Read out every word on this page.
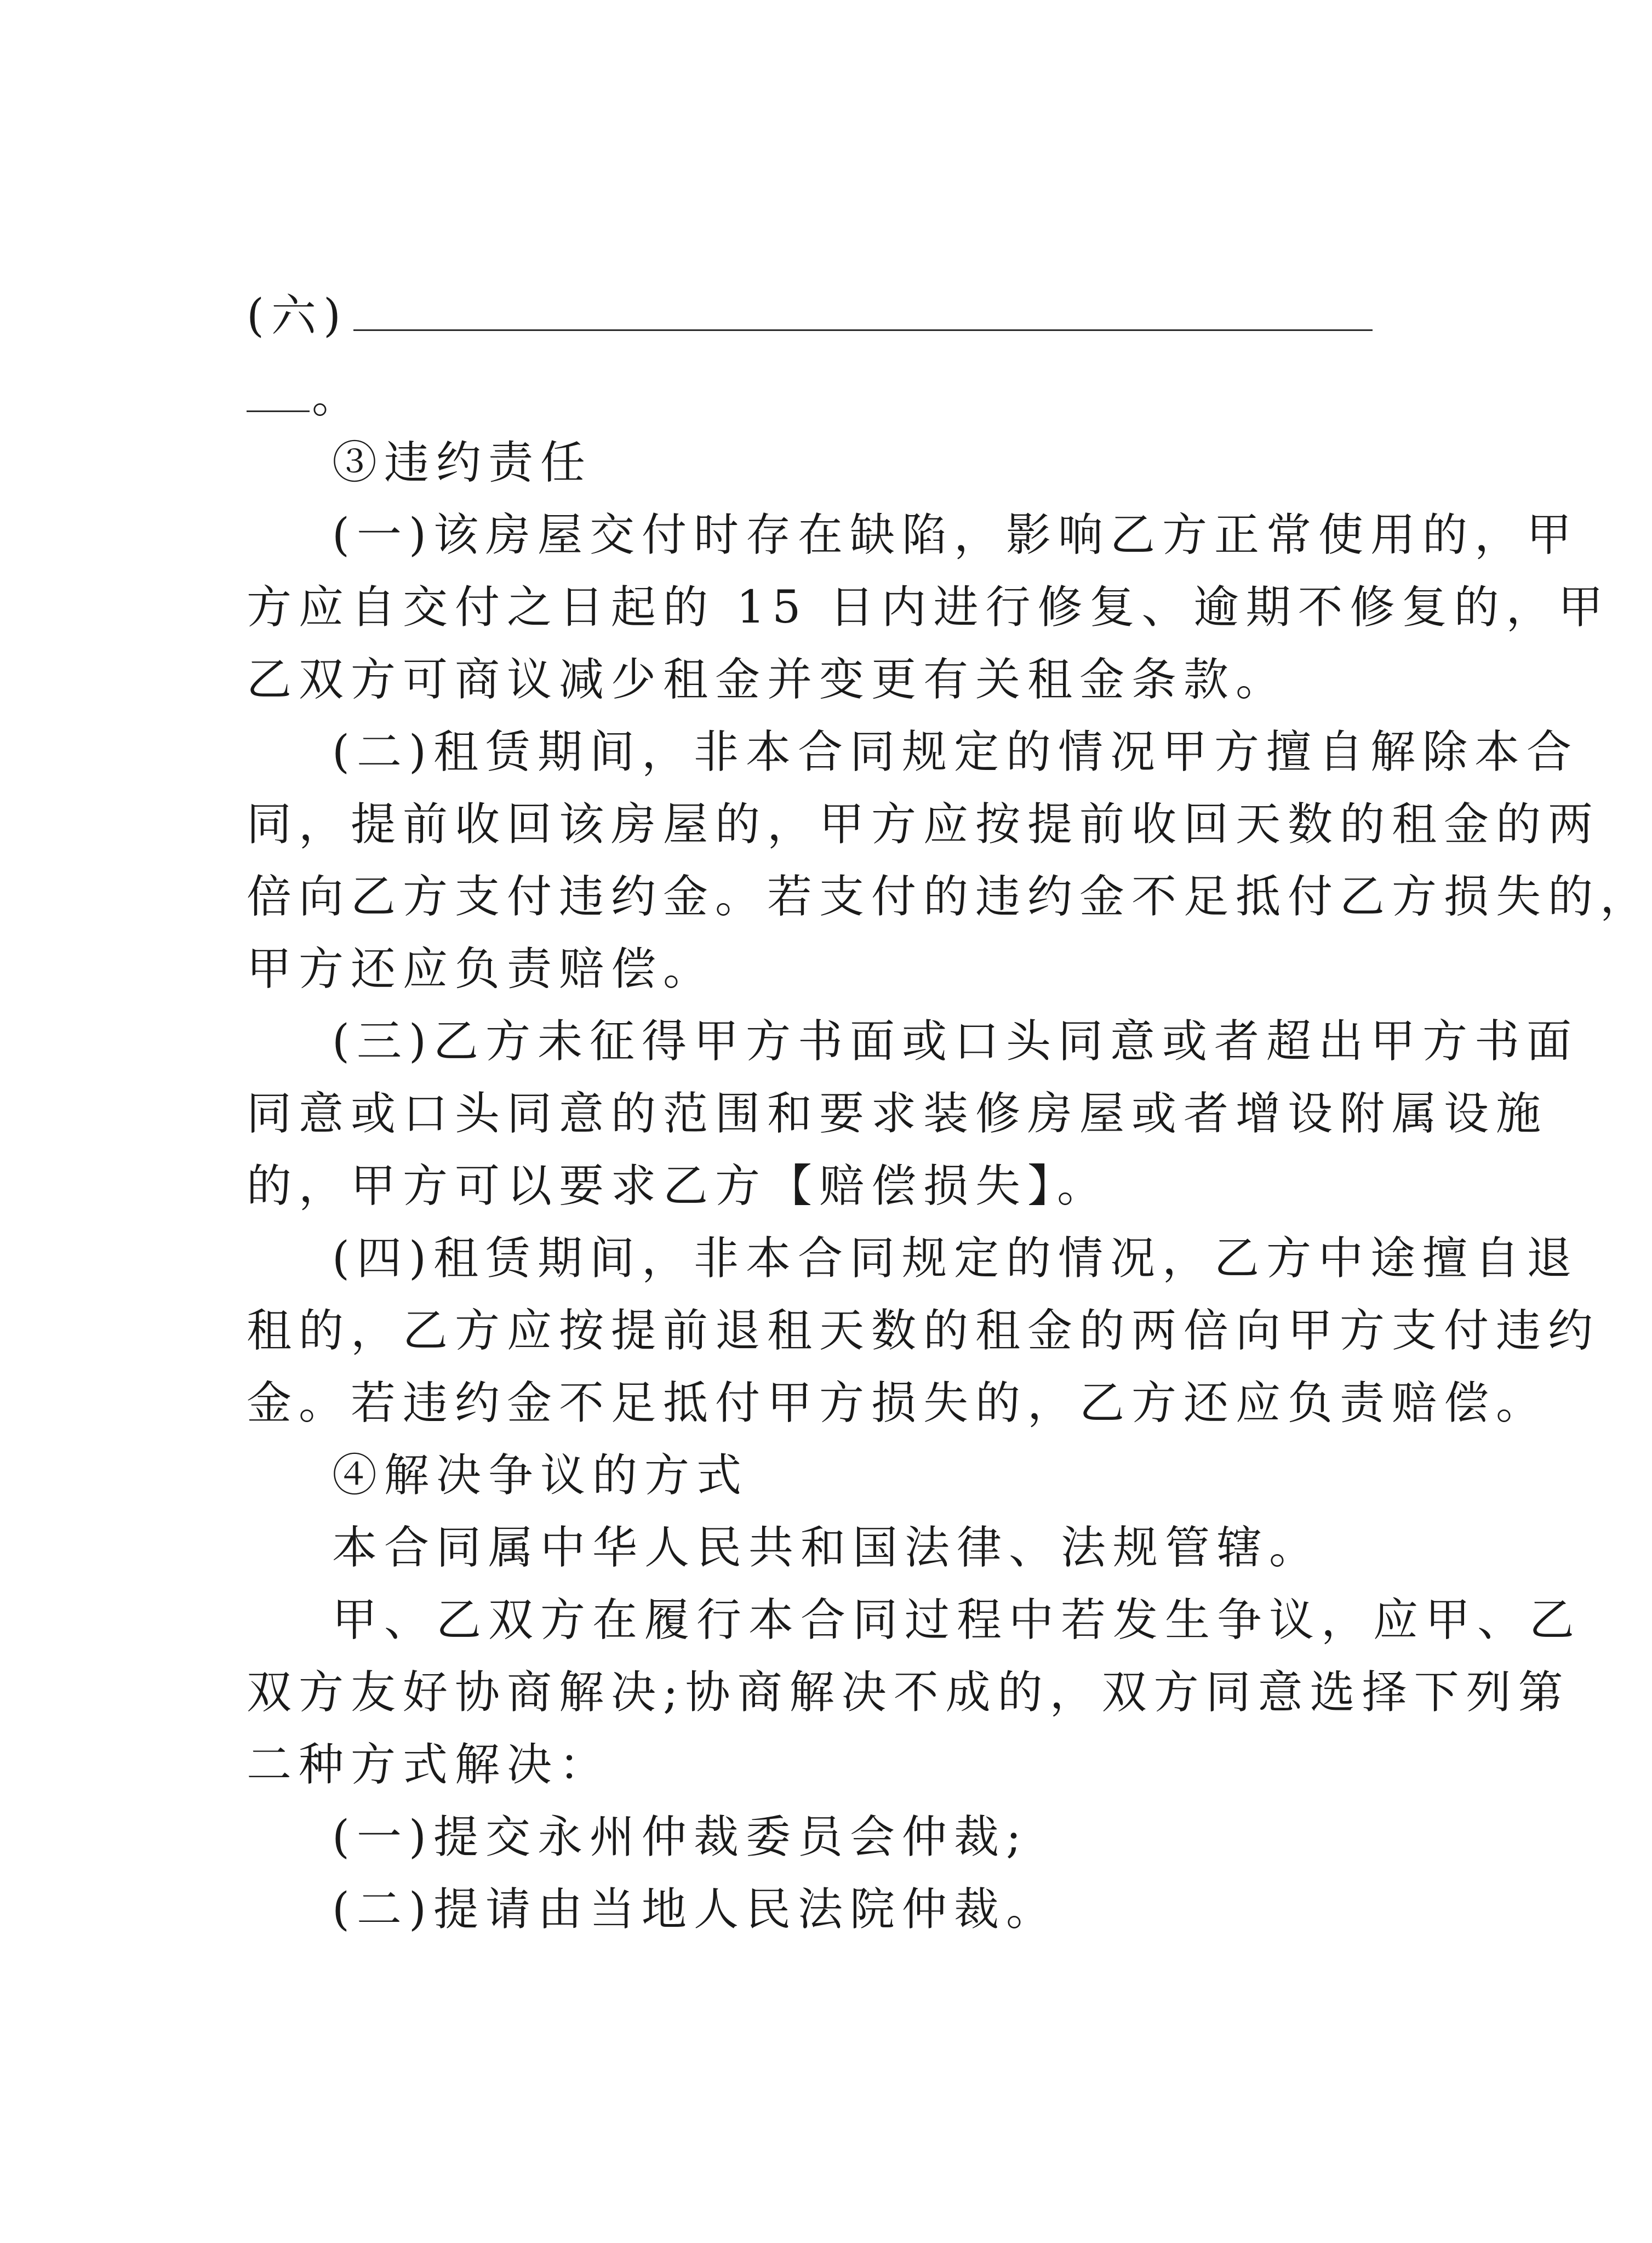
(六)
。
③违约责任
(一)该房屋交付时存在缺陷，影响乙方正常使用的，甲
方应自交付之日起的 15 日内进行修复、逾期不修复的，甲
乙双方可商议减少租金并变更有关租金条款。
(二)租赁期间，非本合同规定的情况甲方擅自解除本合
同，提前收回该房屋的，甲方应按提前收回天数的租金的两
倍向乙方支付违约金。若支付的违约金不足抵付乙方损失的，
甲方还应负责赔偿。
(三)乙方未征得甲方书面或口头同意或者超出甲方书面
同意或口头同意的范围和要求装修房屋或者增设附属设施
的，甲方可以要求乙方【赔偿损失】。
(四)租赁期间，非本合同规定的情况，乙方中途擅自退
租的，乙方应按提前退租天数的租金的两倍向甲方支付违约
金。若违约金不足抵付甲方损失的，乙方还应负责赔偿。
④解决争议的方式
本合同属中华人民共和国法律、法规管辖。
甲、乙双方在履行本合同过程中若发生争议，应甲、乙
双方友好协商解决;协商解决不成的，双方同意选择下列第
二种方式解决：
(一)提交永州仲裁委员会仲裁;
(二)提请由当地人民法院仲裁。
